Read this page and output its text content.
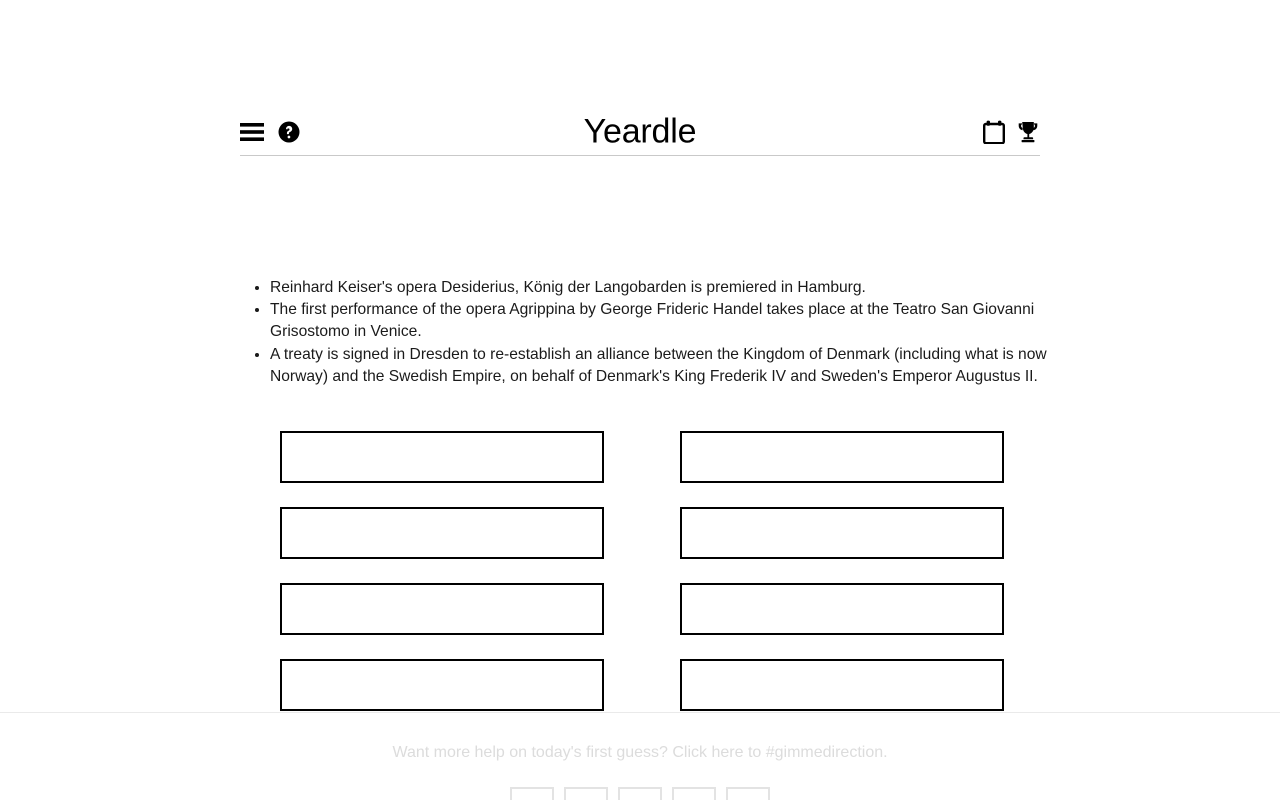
Yeardle
• Reinhard Keiser's opera Desiderius, König der Langobarden is premiered in Hamburg.
• The first performance of the opera Agrippina by George Frideric Handel takes place at the Teatro San Giovanni Grisostomo in Venice.
• A treaty is signed in Dresden to re-establish an alliance between the Kingdom of Denmark (including what is now Norway) and the Swedish Empire, on behalf of Denmark's King Frederik IV and Sweden's Emperor Augustus II.
Want more help on today's first guess? Click here to #gimmedirection.
